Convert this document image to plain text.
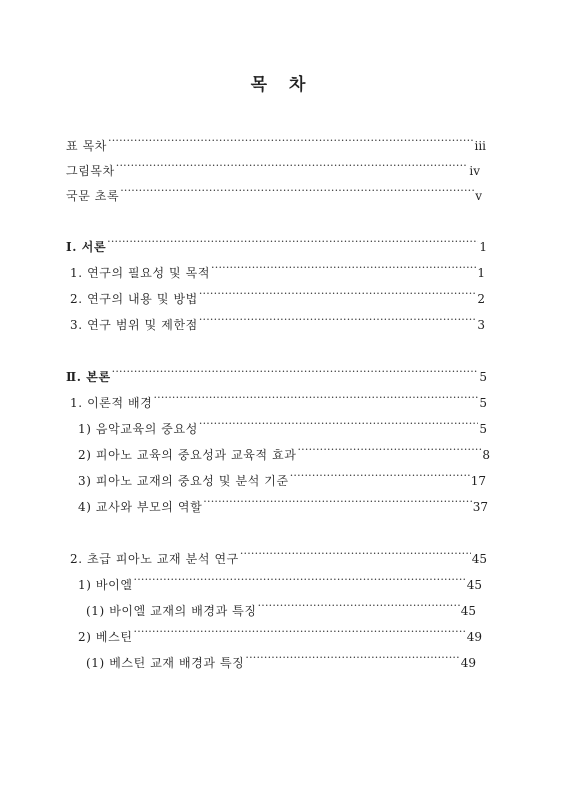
목 차
표 목차 ·····	iii
그림목차 ·····	iv
국문 초록 ·····	v
Ⅰ. 서론 ·····	1
1. 연구의 필요성 및 목적 ·····	1
2. 연구의 내용 및 방법 ·····	2
3. 연구 범위 및 제한점 ·····	3
Ⅱ. 본론 ·····	5
1. 이론적 배경 ·····	5
1) 음악교육의 중요성 ·····	5
2) 피아노 교육의 중요성과 교육적 효과 ·····	8
3) 피아노 교재의 중요성 및 분석 기준 ·····	17
4) 교사와 부모의 역할 ·····	37
2. 초급 피아노 교재 분석 연구 ·····	45
1) 바이엘 ·····	45
(1) 바이엘 교재의 배경과 특징 ·····	45
2) 베스틴 ·····	49
(1) 베스틴 교재 배경과 특징 ·····	49
